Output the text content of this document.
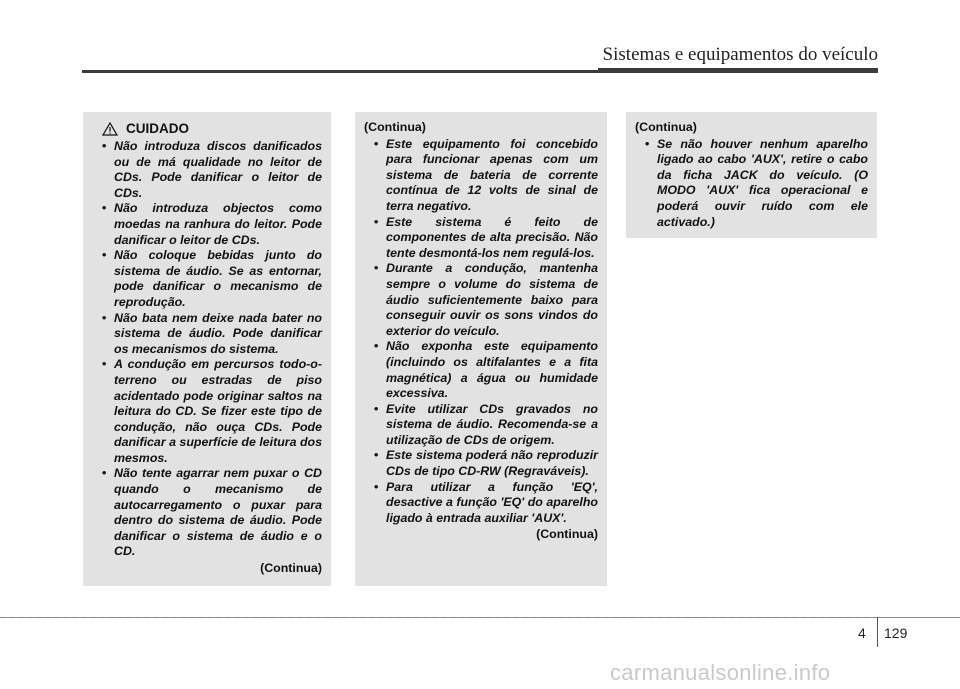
Sistemas e equipamentos do veículo
CUIDADO
• Não introduza discos danificados ou de má qualidade no leitor de CDs. Pode danificar o leitor de CDs.
• Não introduza objectos como moedas na ranhura do leitor. Pode danificar o leitor de CDs.
• Não coloque bebidas junto do sistema de áudio. Se as entornar, pode danificar o mecanismo de reprodução.
• Não bata nem deixe nada bater no sistema de áudio. Pode danificar os mecanismos do sistema.
• A condução em percursos todo-o-terreno ou estradas de piso acidentado pode originar saltos na leitura do CD. Se fizer este tipo de condução, não ouça CDs. Pode danificar a superfície de leitura dos mesmos.
• Não tente agarrar nem puxar o CD quando o mecanismo de autocarregamento o puxar para dentro do sistema de áudio. Pode danificar o sistema de áudio e o CD.
(Continua)
(Continua)
• Este equipamento foi concebido para funcionar apenas com um sistema de bateria de corrente contínua de 12 volts de sinal de terra negativo.
• Este sistema é feito de componentes de alta precisão. Não tente desmontá-los nem regulá-los.
• Durante a condução, mantenha sempre o volume do sistema de áudio suficientemente baixo para conseguir ouvir os sons vindos do exterior do veículo.
• Não exponha este equipamento (incluindo os altifalantes e a fita magnética) a água ou humidade excessiva.
• Evite utilizar CDs gravados no sistema de áudio. Recomenda-se a utilização de CDs de origem.
• Este sistema poderá não reproduzir CDs de tipo CD-RW (Regraváveis).
• Para utilizar a função 'EQ', desactive a função 'EQ' do aparelho ligado à entrada auxiliar 'AUX'.
(Continua)
(Continua)
• Se não houver nenhum aparelho ligado ao cabo 'AUX', retire o cabo da ficha JACK do veículo. (O MODO 'AUX' fica operacional e poderá ouvir ruído com ele activado.)
4 129
carmanualsonline.info
